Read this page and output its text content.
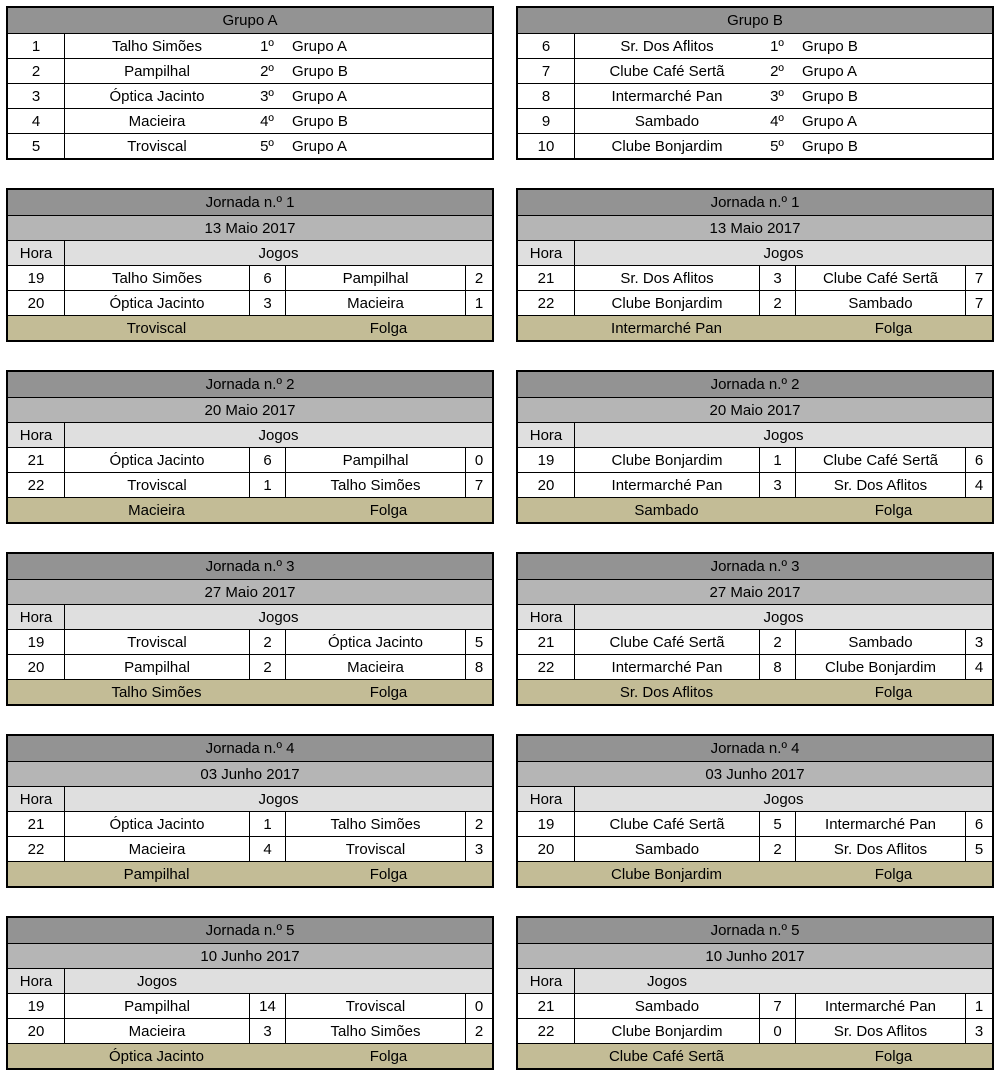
Grupo A
1	Talho Simões	1º	Grupo A
2	Pampilhal	2º	Grupo B
3	Óptica Jacinto	3º	Grupo A
4	Macieira	4º	Grupo B
5	Troviscal	5º	Grupo A
Grupo B
6	Sr. Dos Aflitos	1º	Grupo B
7	Clube Café Sertã	2º	Grupo A
8	Intermarché Pan	3º	Grupo B
9	Sambado	4º	Grupo A
10	Clube Bonjardim	5º	Grupo B
Jornada n.º 1
13 Maio 2017
Hora	Jogos
19	Talho Simões	6	Pampilhal	2
20	Óptica Jacinto	3	Macieira	1
Troviscal	Folga
Jornada n.º 1
13 Maio 2017
Hora	Jogos
21	Sr. Dos Aflitos	3	Clube Café Sertã	7
22	Clube Bonjardim	2	Sambado	7
Intermarché Pan	Folga
Jornada n.º 2
20 Maio 2017
Hora	Jogos
21	Óptica Jacinto	6	Pampilhal	0
22	Troviscal	1	Talho Simões	7
Macieira	Folga
Jornada n.º 2
20 Maio 2017
Hora	Jogos
19	Clube Bonjardim	1	Clube Café Sertã	6
20	Intermarché Pan	3	Sr. Dos Aflitos	4
Sambado	Folga
Jornada n.º 3
27 Maio 2017
Hora	Jogos
19	Troviscal	2	Óptica Jacinto	5
20	Pampilhal	2	Macieira	8
Talho Simões	Folga
Jornada n.º 3
27 Maio 2017
Hora	Jogos
21	Clube Café Sertã	2	Sambado	3
22	Intermarché Pan	8	Clube Bonjardim	4
Sr. Dos Aflitos	Folga
Jornada n.º 4
03 Junho 2017
Hora	Jogos
21	Óptica Jacinto	1	Talho Simões	2
22	Macieira	4	Troviscal	3
Pampilhal	Folga
Jornada n.º 4
03 Junho 2017
Hora	Jogos
19	Clube Café Sertã	5	Intermarché Pan	6
20	Sambado	2	Sr. Dos Aflitos	5
Clube Bonjardim	Folga
Jornada n.º 5
10 Junho 2017
Hora	Jogos
19	Pampilhal	14	Troviscal	0
20	Macieira	3	Talho Simões	2
Óptica Jacinto	Folga
Jornada n.º 5
10 Junho 2017
Hora	Jogos
21	Sambado	7	Intermarché Pan	1
22	Clube Bonjardim	0	Sr. Dos Aflitos	3
Clube Café Sertã	Folga
